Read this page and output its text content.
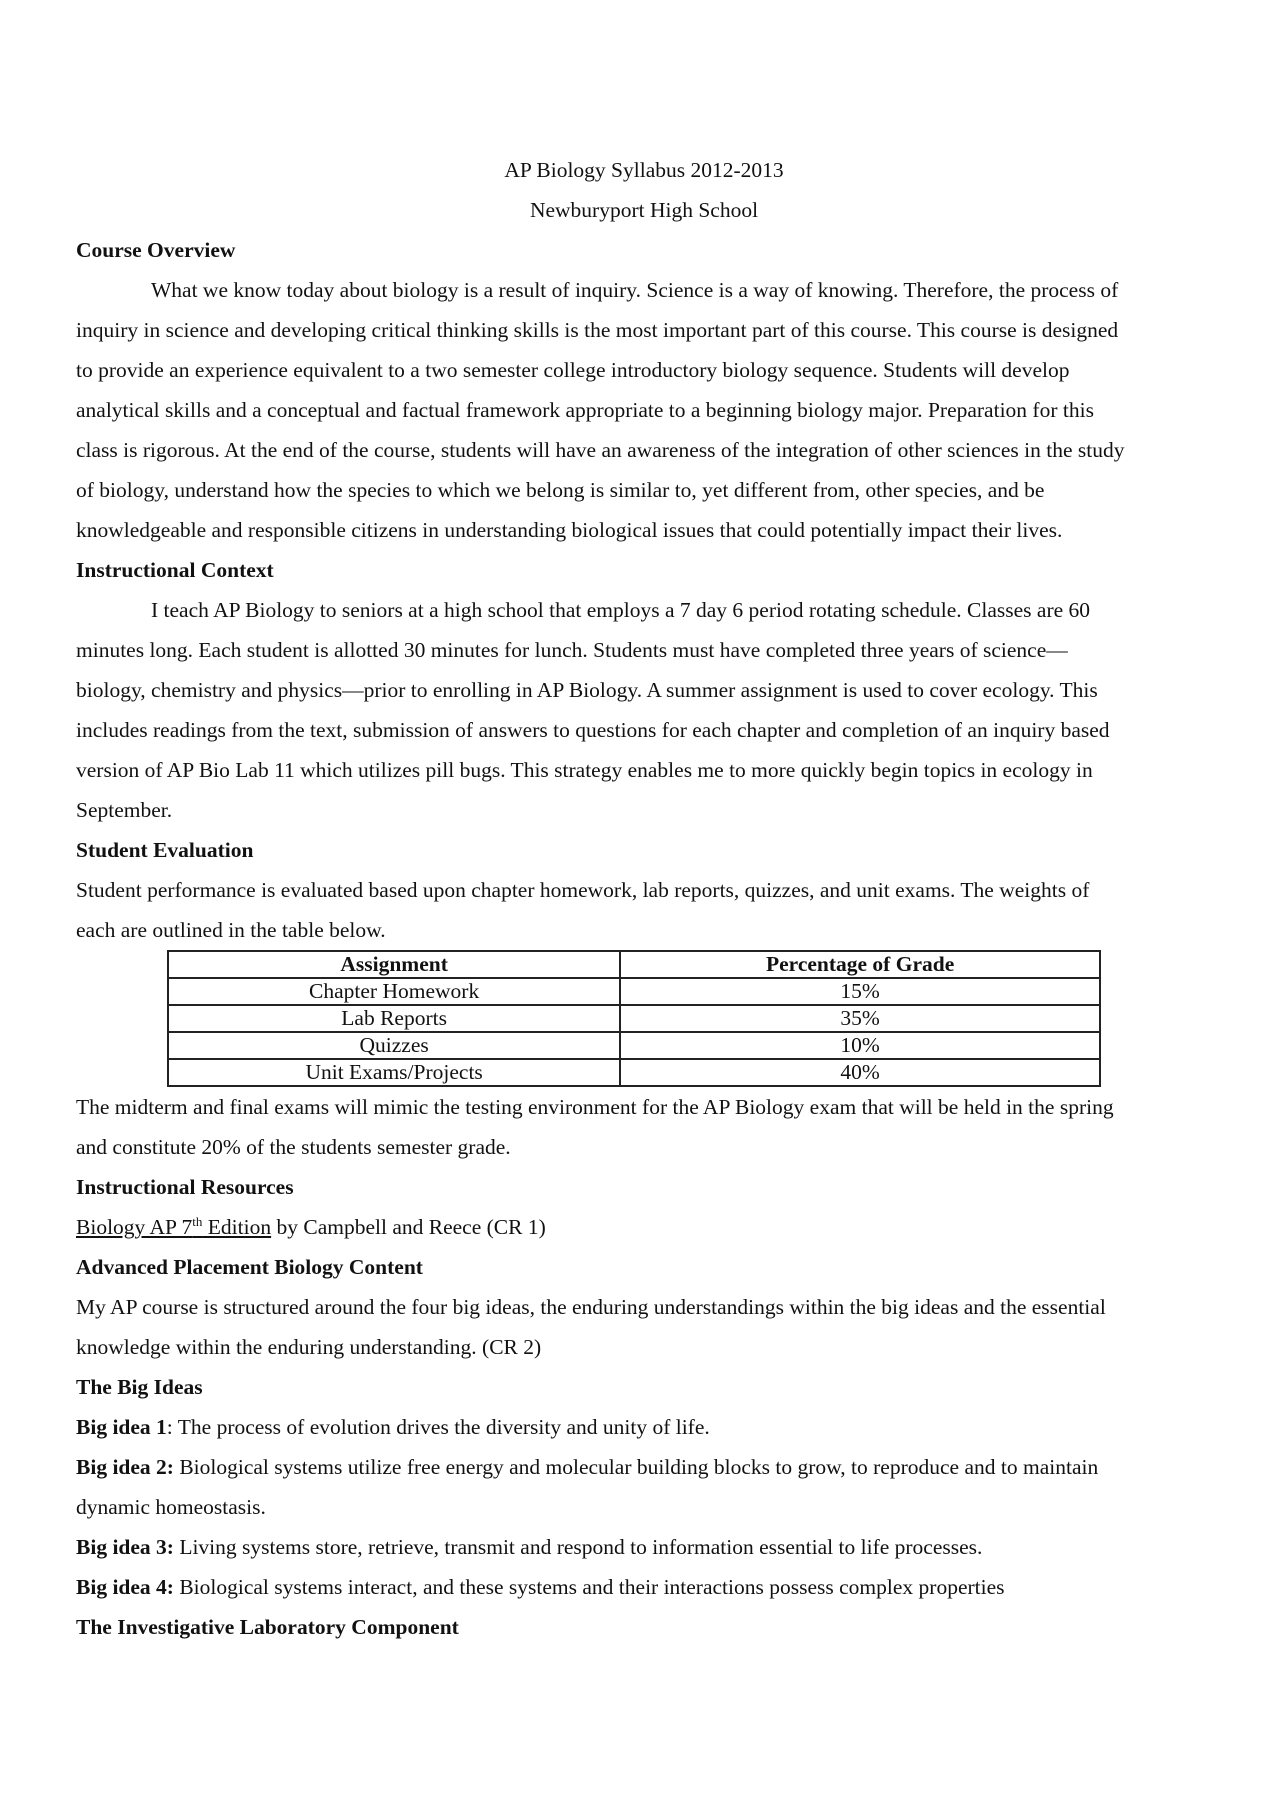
AP Biology Syllabus 2012-2013
Newburyport High School
Course Overview
What we know today about biology is a result of inquiry. Science is a way of knowing. Therefore, the process of
inquiry in science and developing critical thinking skills is the most important part of this course. This course is designed
to provide an experience equivalent to a two semester college introductory biology sequence. Students will develop
analytical skills and a conceptual and factual framework appropriate to a beginning biology major. Preparation for this
class is rigorous. At the end of the course, students will have an awareness of the integration of other sciences in the study
of biology, understand how the species to which we belong is similar to, yet different from, other species, and be
knowledgeable and responsible citizens in understanding biological issues that could potentially impact their lives.
Instructional Context
I teach AP Biology to seniors at a high school that employs a 7 day 6 period rotating schedule. Classes are 60
minutes long. Each student is allotted 30 minutes for lunch. Students must have completed three years of science—
biology, chemistry and physics—prior to enrolling in AP Biology. A summer assignment is used to cover ecology. This
includes readings from the text, submission of answers to questions for each chapter and completion of an inquiry based
version of AP Bio Lab 11 which utilizes pill bugs. This strategy enables me to more quickly begin topics in ecology in
September.
Student Evaluation
Student performance is evaluated based upon chapter homework, lab reports, quizzes, and unit exams. The weights of
each are outlined in the table below.
Assignment	Percentage of Grade
Chapter Homework	15%
Lab Reports	35%
Quizzes	10%
Unit Exams/Projects	40%
The midterm and final exams will mimic the testing environment for the AP Biology exam that will be held in the spring
and constitute 20% of the students semester grade.
Instructional Resources
Biology AP 7th Edition by Campbell and Reece (CR 1)
Advanced Placement Biology Content
My AP course is structured around the four big ideas, the enduring understandings within the big ideas and the essential
knowledge within the enduring understanding. (CR 2)
The Big Ideas
Big idea 1: The process of evolution drives the diversity and unity of life.
Big idea 2: Biological systems utilize free energy and molecular building blocks to grow, to reproduce and to maintain
dynamic homeostasis.
Big idea 3: Living systems store, retrieve, transmit and respond to information essential to life processes.
Big idea 4: Biological systems interact, and these systems and their interactions possess complex properties
The Investigative Laboratory Component
